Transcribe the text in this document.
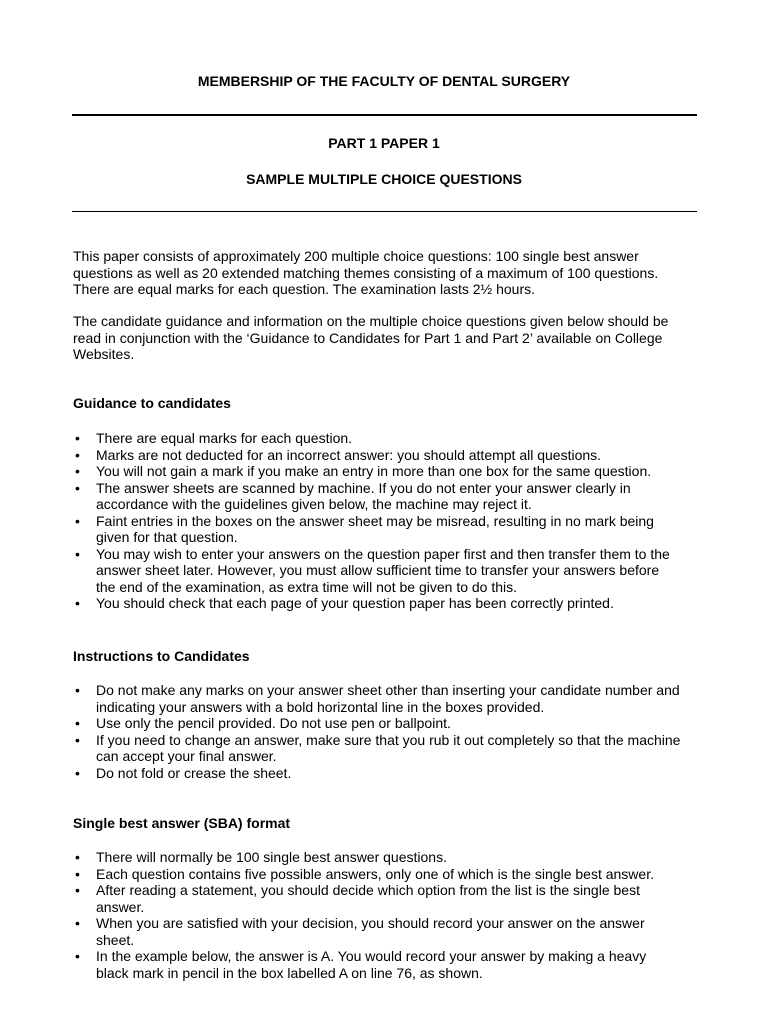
MEMBERSHIP OF THE FACULTY OF DENTAL SURGERY
PART 1 PAPER 1
SAMPLE MULTIPLE CHOICE QUESTIONS
This paper consists of approximately 200 multiple choice questions: 100 single best answer
questions as well as 20 extended matching themes consisting of a maximum of 100 questions.
There are equal marks for each question. The examination lasts 2½ hours.
The candidate guidance and information on the multiple choice questions given below should be
read in conjunction with the ‘Guidance to Candidates for Part 1 and Part 2’ available on College
Websites.
Guidance to candidates
• There are equal marks for each question.
• Marks are not deducted for an incorrect answer: you should attempt all questions.
• You will not gain a mark if you make an entry in more than one box for the same question.
• The answer sheets are scanned by machine. If you do not enter your answer clearly in
accordance with the guidelines given below, the machine may reject it.
• Faint entries in the boxes on the answer sheet may be misread, resulting in no mark being
given for that question.
• You may wish to enter your answers on the question paper first and then transfer them to the
answer sheet later. However, you must allow sufficient time to transfer your answers before
the end of the examination, as extra time will not be given to do this.
• You should check that each page of your question paper has been correctly printed.
Instructions to Candidates
• Do not make any marks on your answer sheet other than inserting your candidate number and
indicating your answers with a bold horizontal line in the boxes provided.
• Use only the pencil provided. Do not use pen or ballpoint.
• If you need to change an answer, make sure that you rub it out completely so that the machine
can accept your final answer.
• Do not fold or crease the sheet.
Single best answer (SBA) format
• There will normally be 100 single best answer questions.
• Each question contains five possible answers, only one of which is the single best answer.
• After reading a statement, you should decide which option from the list is the single best
answer.
• When you are satisfied with your decision, you should record your answer on the answer
sheet.
• In the example below, the answer is A. You would record your answer by making a heavy
black mark in pencil in the box labelled A on line 76, as shown.
